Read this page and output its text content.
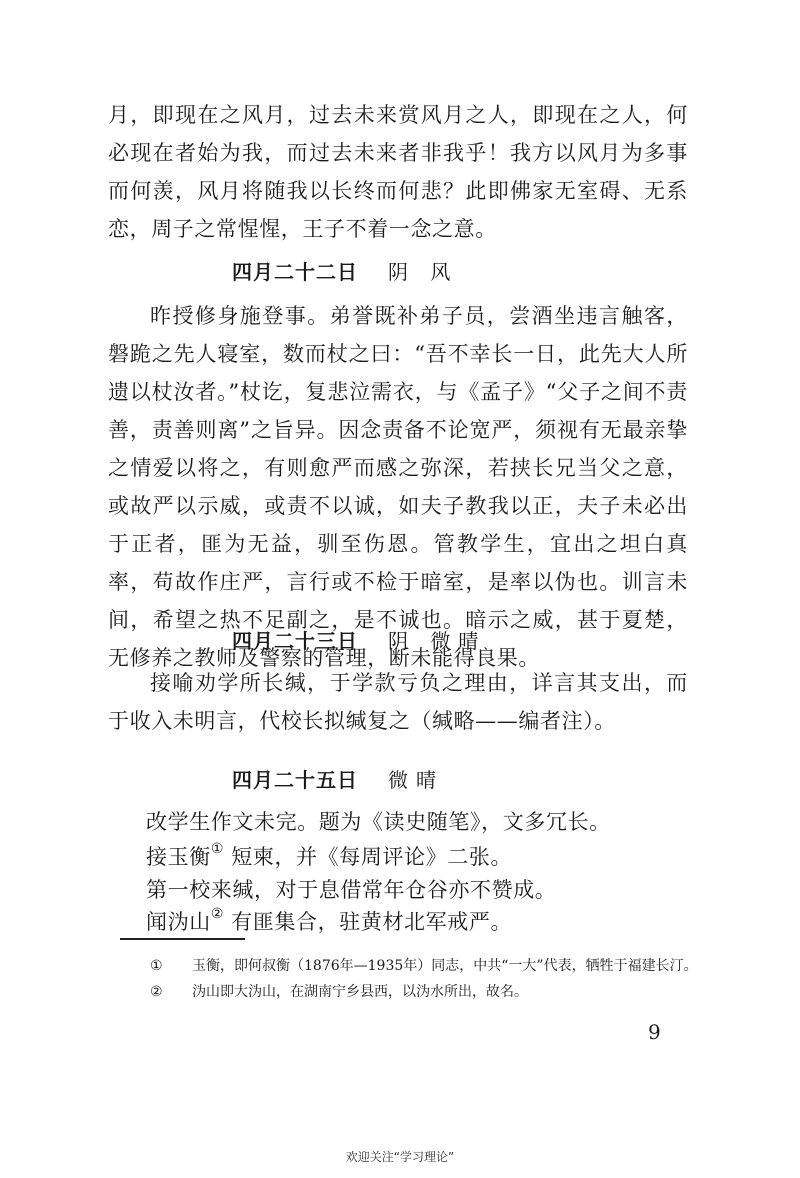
月，即现在之风月，过去未来赏风月之人，即现在之人，何必现在者始为我，而过去未来者非我乎！我方以风月为多事而何羡，风月将随我以长终而何悲？此即佛家无室碍、无系恋，周子之常惺惺，王子不着一念之意。

四月二十二日 阴 风

昨授修身施登事。弟誉既补弟子员，尝酒坐违言触客，磐跪之先人寝室，数而杖之曰：“吾不幸长一日，此先大人所遗以杖汝者。”杖讫，复悲泣需衣，与《孟子》“父子之间不责善，责善则离”之旨异。因念责备不论宽严，须视有无最亲挚之情爱以将之，有则愈严而感之弥深，若挟长兄当父之意，或故严以示威，或责不以诚，如夫子教我以正，夫子未必出于正者，匪为无益，驯至伤恩。管教学生，宜出之坦白真率，苟故作庄严，言行或不检于暗室，是率以伪也。训言未间，希望之热不足副之，是不诚也。暗示之威，甚于夏楚，无修养之教师及警察的管理，断未能得良果。

四月二十三日 阴 微晴

接喻劝学所长缄，于学款亏负之理由，详言其支出，而于收入未明言，代校长拟缄复之（缄略——编者注）。

四月二十五日 微晴

改学生作文未完。题为《读史随笔》，文多冗长。

接玉衡① 短柬，并《每周评论》二张。

第一校来缄，对于息借常年仓谷亦不赞成。

闻沩山② 有匪集合，驻黄材北军戒严。

① 玉衡，即何叔衡（1876年—1935年）同志，中共“一大”代表，牺牲于福建长汀。

② 沩山即大沩山，在湖南宁乡县西，以沩水所出，故名。

9

欢迎关注“学习理论”
